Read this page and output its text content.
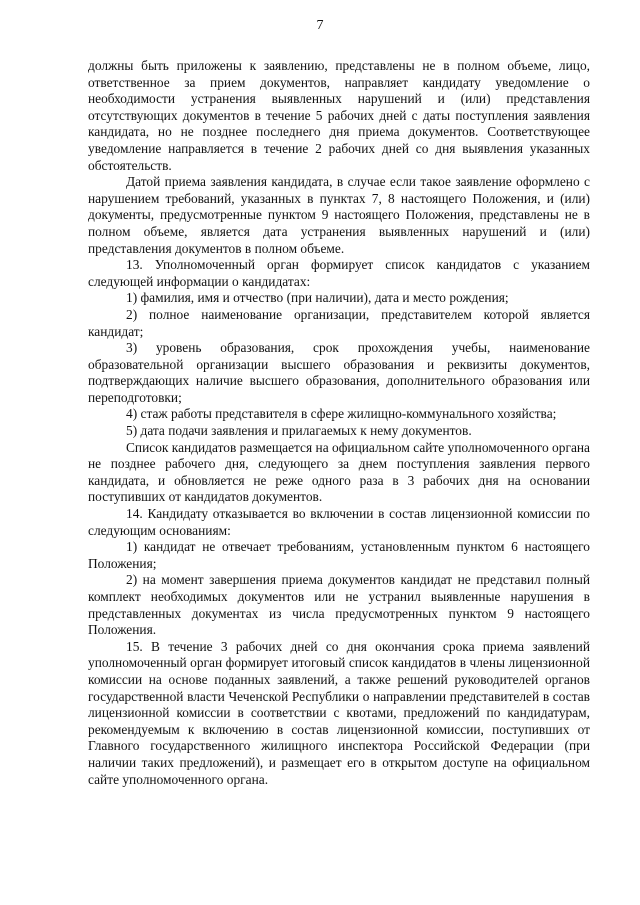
7

должны быть приложены к заявлению, представлены не в полном объеме, лицо, ответственное за прием документов, направляет кандидату уведомление о необходимости устранения выявленных нарушений и (или) представления отсутствующих документов в течение 5 рабочих дней с даты поступления заявления кандидата, но не позднее последнего дня приема документов. Соответствующее уведомление направляется в течение 2 рабочих дней со дня выявления указанных обстоятельств.

Датой приема заявления кандидата, в случае если такое заявление оформлено с нарушением требований, указанных в пунктах 7, 8 настоящего Положения, и (или) документы, предусмотренные пунктом 9 настоящего Положения, представлены не в полном объеме, является дата устранения выявленных нарушений и (или) представления документов в полном объеме.

13. Уполномоченный орган формирует список кандидатов с указанием следующей информации о кандидатах:

1) фамилия, имя и отчество (при наличии), дата и место рождения;

2) полное наименование организации, представителем которой является кандидат;

3) уровень образования, срок прохождения учебы, наименование образовательной организации высшего образования и реквизиты документов, подтверждающих наличие высшего образования, дополнительного образования или переподготовки;

4) стаж работы представителя в сфере жилищно-коммунального хозяйства;

5) дата подачи заявления и прилагаемых к нему документов.

Список кандидатов размещается на официальном сайте уполномоченного органа не позднее рабочего дня, следующего за днем поступления заявления первого кандидата, и обновляется не реже одного раза в 3 рабочих дня на основании поступивших от кандидатов документов.

14. Кандидату отказывается во включении в состав лицензионной комиссии по следующим основаниям:

1) кандидат не отвечает требованиям, установленным пунктом 6 настоящего Положения;

2) на момент завершения приема документов кандидат не представил полный комплект необходимых документов или не устранил выявленные нарушения в представленных документах из числа предусмотренных пунктом 9 настоящего Положения.

15. В течение 3 рабочих дней со дня окончания срока приема заявлений уполномоченный орган формирует итоговый список кандидатов в члены лицензионной комиссии на основе поданных заявлений, а также решений руководителей органов государственной власти Чеченской Республики о направлении представителей в состав лицензионной комиссии в соответствии с квотами, предложений по кандидатурам, рекомендуемым к включению в состав лицензионной комиссии, поступивших от Главного государственного жилищного инспектора Российской Федерации (при наличии таких предложений), и размещает его в открытом доступе на официальном сайте уполномоченного органа.
